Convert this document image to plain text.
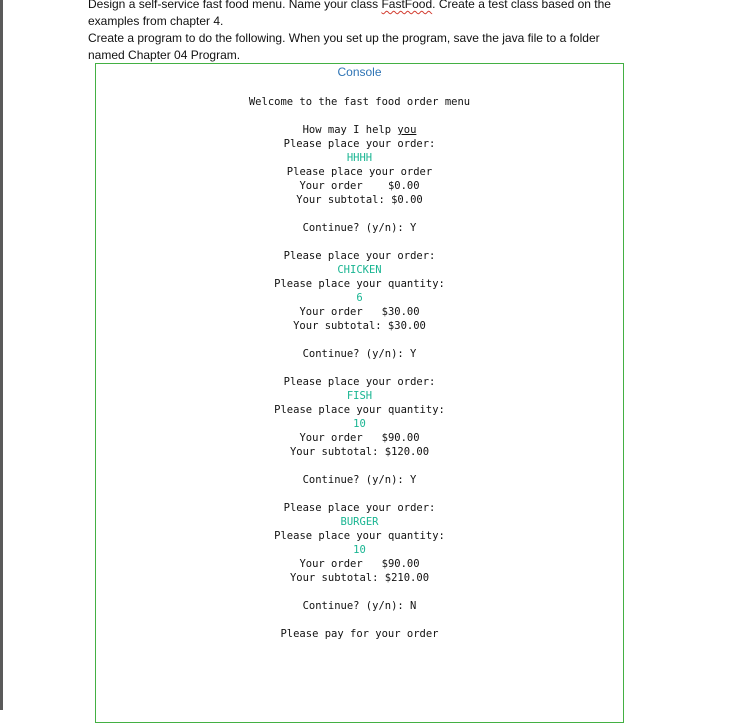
Design a self-service fast food menu. Name your class FastFood. Create a test class based on the examples from chapter 4.

Create a program to do the following. When you set up the program, save the java file to a folder named Chapter 04 Program.

Console
Welcome to the fast food order menu
How may I help you
Please place your order:
HHHH
Please place your order
Your order    $0.00
Your subtotal: $0.00
Continue? (y/n): Y
Please place your order:
CHICKEN
Please place your quantity:
6
Your order   $30.00
Your subtotal: $30.00
Continue? (y/n): Y
Please place your order:
FISH
Please place your quantity:
10
Your order   $90.00
Your subtotal: $120.00
Continue? (y/n): Y
Please place your order:
BURGER
Please place your quantity:
10
Your order   $90.00
Your subtotal: $210.00
Continue? (y/n): N
Please pay for your order
